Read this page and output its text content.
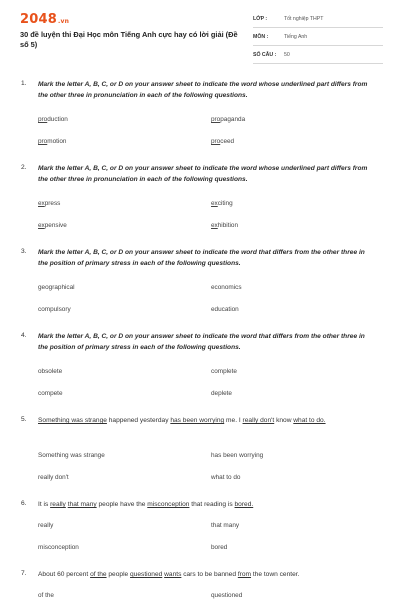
2048.vn
30 đề luyện thi Đại Học môn Tiếng Anh cực hay có lời giải (Đề số 5)
LỚP :	Tốt nghiệp THPT
MÔN :	Tiếng Anh
SỐ CÂU : 50
1. Mark the letter A, B, C, or D on your answer sheet to indicate the word whose underlined part differs from the other three in pronunciation in each of the following questions.
production	propaganda
promotion	proceed
2. Mark the letter A, B, C, or D on your answer sheet to indicate the word whose underlined part differs from the other three in pronunciation in each of the following questions.
express	exciting
expensive	exhibition
3. Mark the letter A, B, C, or D on your answer sheet to indicate the word that differs from the other three in the position of primary stress in each of the following questions.
geographical	economics
compulsory	education
4. Mark the letter A, B, C, or D on your answer sheet to indicate the word that differs from the other three in the position of primary stress in each of the following questions.
obsolete	complete
compete	deplete
5. Something was strange happened yesterday has been worrying me. I really don't know what to do.
Something was strange	has been worrying
really don't	what to do
6. It is really that many people have the misconception that reading is bored.
really	that many
misconception	bored
7. About 60 percent of the people questioned wants cars to be banned from the town center.
of the	questioned
